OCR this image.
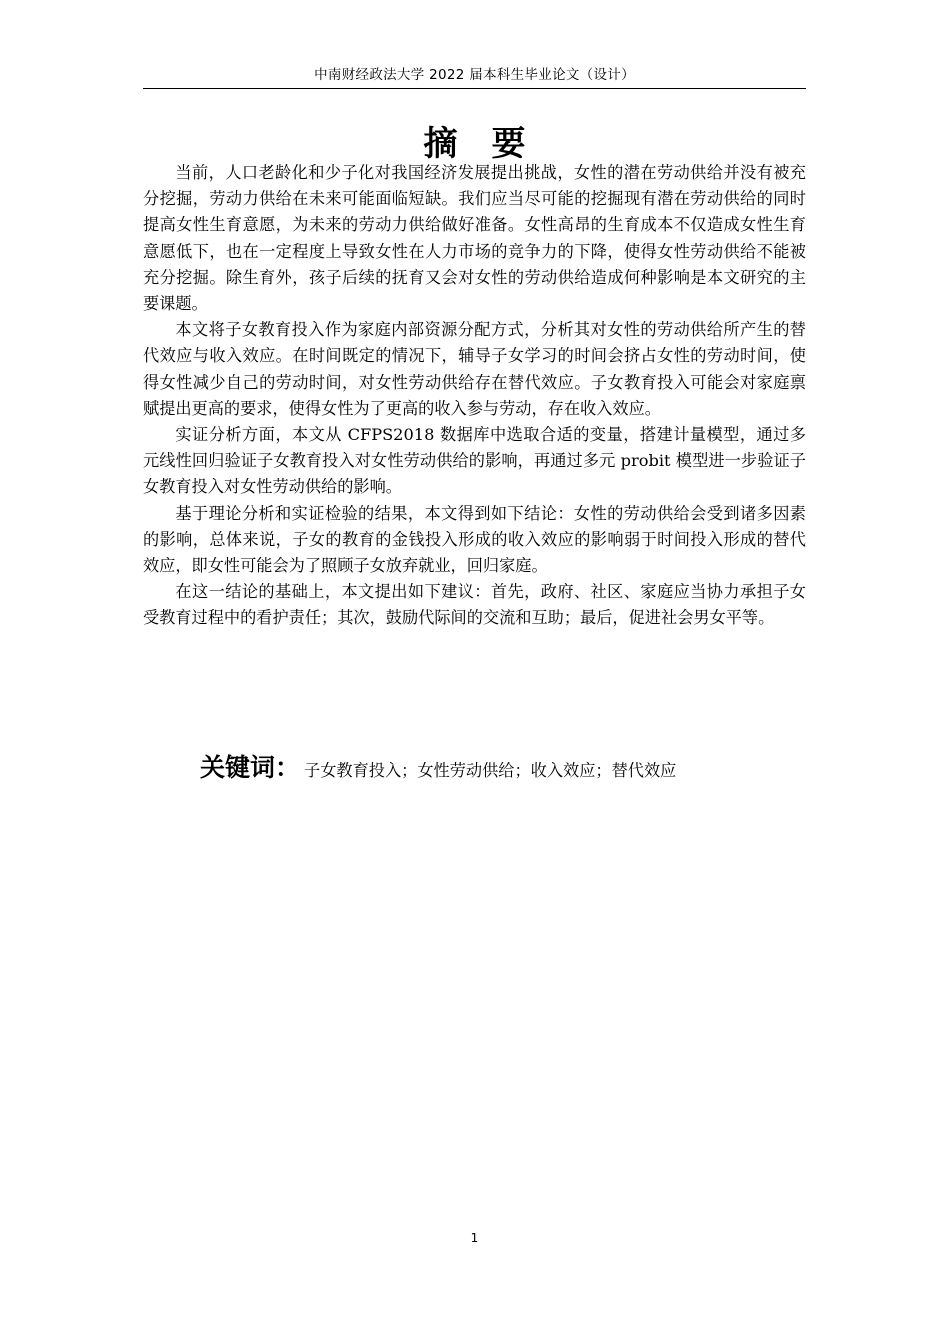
中南财经政法大学 2022 届本科生毕业论文（设计）
摘要

当前，人口老龄化和少子化对我国经济发展提出挑战，女性的潜在劳动供给并没有被充分挖掘，劳动力供给在未来可能面临短缺。我们应当尽可能的挖掘现有潜在劳动供给的同时提高女性生育意愿，为未来的劳动力供给做好准备。女性高昂的生育成本不仅造成女性生育意愿低下，也在一定程度上导致女性在人力市场的竞争力的下降，使得女性劳动供给不能被充分挖掘。除生育外，孩子后续的抚育又会对女性的劳动供给造成何种影响是本文研究的主要课题。

本文将子女教育投入作为家庭内部资源分配方式，分析其对女性的劳动供给所产生的替代效应与收入效应。在时间既定的情况下，辅导子女学习的时间会挤占女性的劳动时间，使得女性减少自己的劳动时间，对女性劳动供给存在替代效应。子女教育投入可能会对家庭禀赋提出更高的要求，使得女性为了更高的收入参与劳动，存在收入效应。

实证分析方面，本文从 CFPS2018 数据库中选取合适的变量，搭建计量模型，通过多元线性回归验证子女教育投入对女性劳动供给的影响，再通过多元 probit 模型进一步验证子女教育投入对女性劳动供给的影响。

基于理论分析和实证检验的结果，本文得到如下结论：女性的劳动供给会受到诸多因素的影响，总体来说，子女的教育的金钱投入形成的收入效应的影响弱于时间投入形成的替代效应，即女性可能会为了照顾子女放弃就业，回归家庭。

在这一结论的基础上，本文提出如下建议：首先，政府、社区、家庭应当协力承担子女受教育过程中的看护责任；其次，鼓励代际间的交流和互助；最后，促进社会男女平等。

关键词： 子女教育投入；女性劳动供给；收入效应；替代效应
1
